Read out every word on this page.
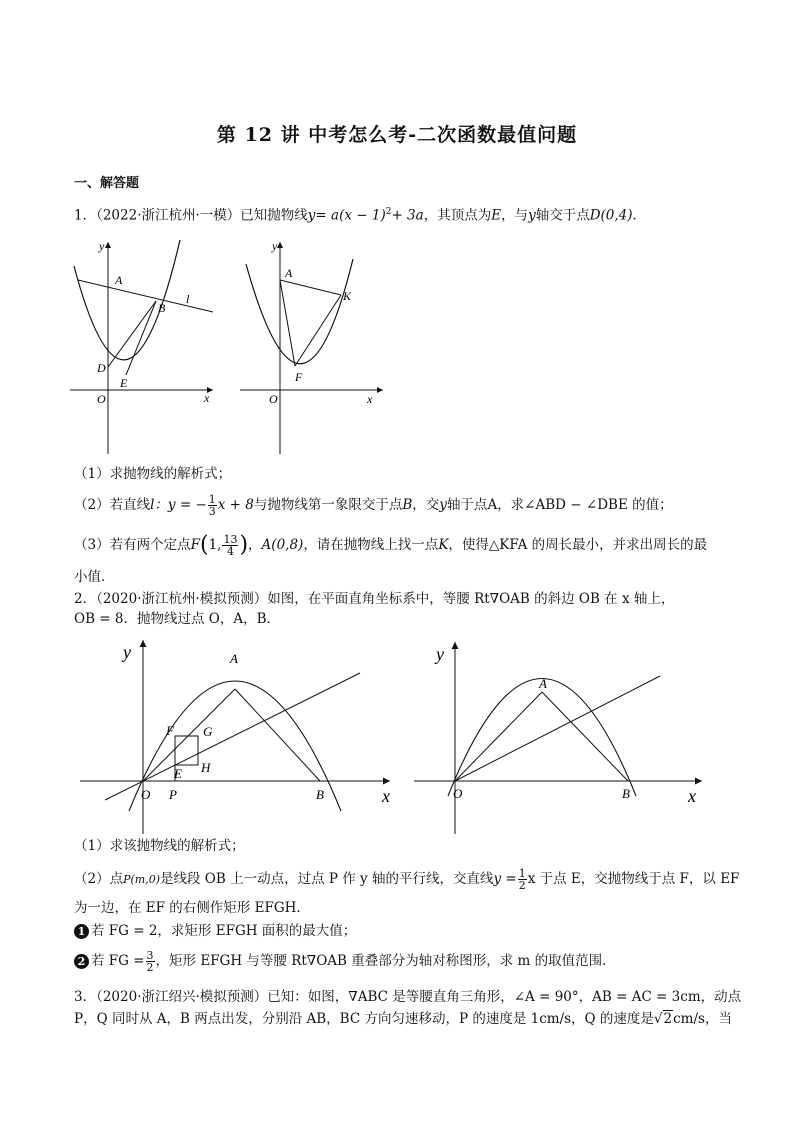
第 12 讲 中考怎么考-二次函数最值问题
一、解答题
1．（2022·浙江杭州·一模）已知抛物线$y= a(x - 1)^2+ 3a$，其顶点为E，与y轴交于点D(0,4)．
y
x
O
A
B
D
E
l
y
x
O
A
K
F
（1）求抛物线的解析式；
（2）若直线l：y = − $\frac{1}{3}$ x + 8与抛物线第一象限交于点B，交y轴于点A，求∠ABD − ∠DBE 的值；
（3）若有两个定点F(1, $\frac{13}{4}$ )，A(0,8)，请在抛物线上找一点K，使得△KFA 的周长最小，并求出周长的最
小值．
2．（2020·浙江杭州·模拟预测）如图，在平面直角坐标系中，等腰 Rt∇OAB 的斜边 OB 在 x 轴上，
OB = 8．抛物线过点 O，A，B．
y
x
O
A
B
P
E
F G
H
y
x
O
A
B
（1）求该抛物线的解析式；
（2）点P(m,0)是线段 OB 上一动点，过点 P 作 y 轴的平行线，交直线$y = \frac{1}{2}$ x 于点 E，交抛物线于点 F，以 EF
为一边，在 EF 的右侧作矩形 EFGH．
1 若 FG = 2，求矩形 EFGH 面积的最大值；
2 若 FG = $\frac{3}{2}$ ，矩形 EFGH 与等腰 Rt∇OAB 重叠部分为轴对称图形，求 m 的取值范围．
3．（2020·浙江绍兴·模拟预测）已知：如图，∇ABC 是等腰直角三角形，∠A = 90°，AB = AC = 3cm，动点
P，Q 同时从 A，B 两点出发，分别沿 AB，BC 方向匀速移动，P 的速度是 1cm/s，Q 的速度是√2cm/s，当
